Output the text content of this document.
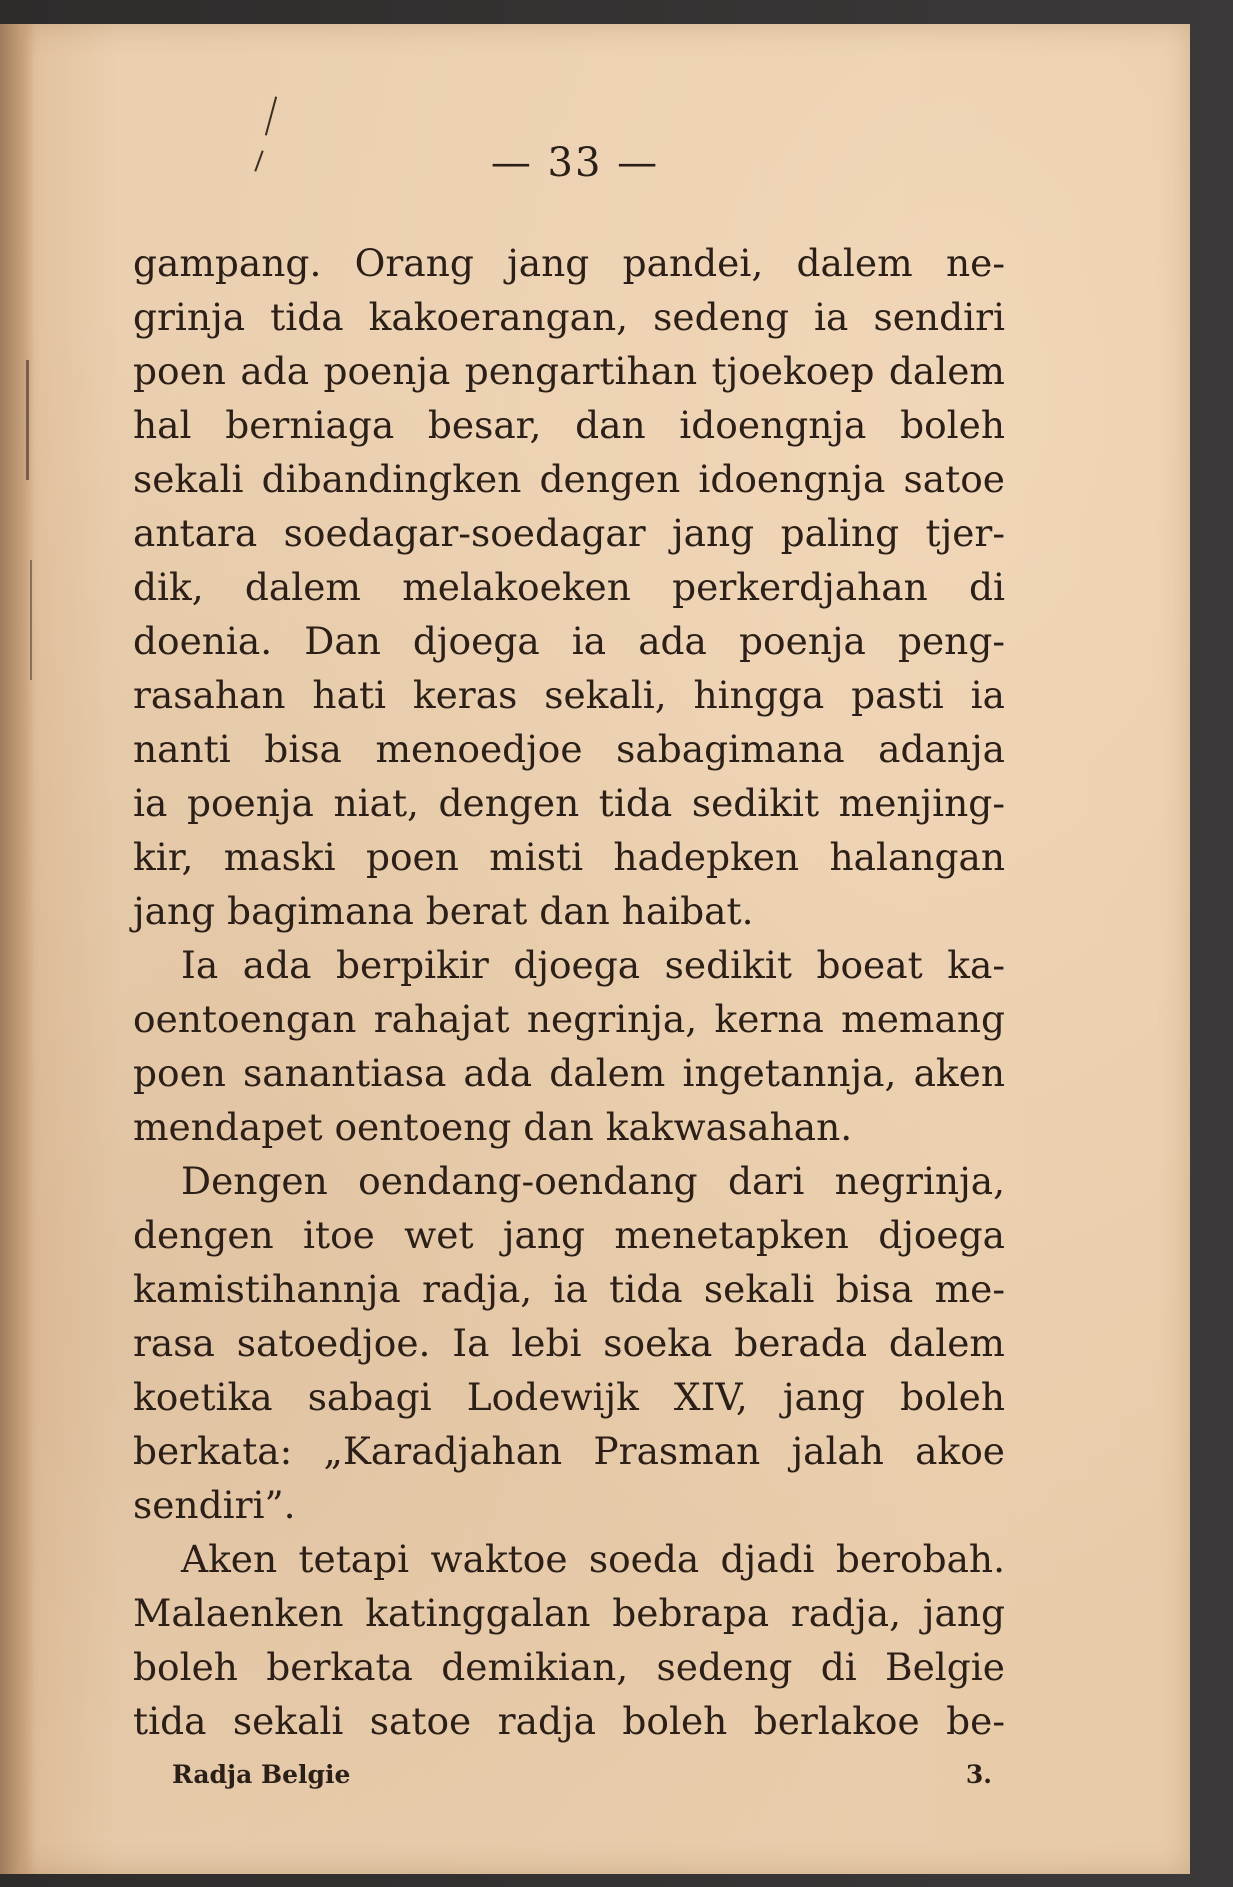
— 33 —
gampang. Orang jang pandei, dalem ne-
grinja tida kakoerangan, sedeng ia sendiri
poen ada poenja pengartihan tjoekoep dalem
hal berniaga besar, dan idoengnja boleh
sekali dibandingken dengen idoengnja satoe
antara soedagar-soedagar jang paling tjer-
dik, dalem melakoeken perkerdjahan di
doenia. Dan djoega ia ada poenja peng-
rasahan hati keras sekali, hingga pasti ia
nanti bisa menoedjoe sabagimana adanja
ia poenja niat, dengen tida sedikit menjing-
kir, maski poen misti hadepken halangan
jang bagimana berat dan haibat.
Ia ada berpikir djoega sedikit boeat ka-
oentoengan rahajat negrinja, kerna memang
poen sanantiasa ada dalem ingetannja, aken
mendapet oentoeng dan kakwasahan.
Dengen oendang-oendang dari negrinja,
dengen itoe wet jang menetapken djoega
kamistihannja radja, ia tida sekali bisa me-
rasa satoedjoe. Ia lebi soeka berada dalem
koetika sabagi Lodewijk XIV, jang boleh
berkata: „Karadjahan Prasman jalah akoe
sendiri”.
Aken tetapi waktoe soeda djadi berobah.
Malaenken katinggalan bebrapa radja, jang
boleh berkata demikian, sedeng di Belgie
tida sekali satoe radja boleh berlakoe be-
Radja Belgie	3.
